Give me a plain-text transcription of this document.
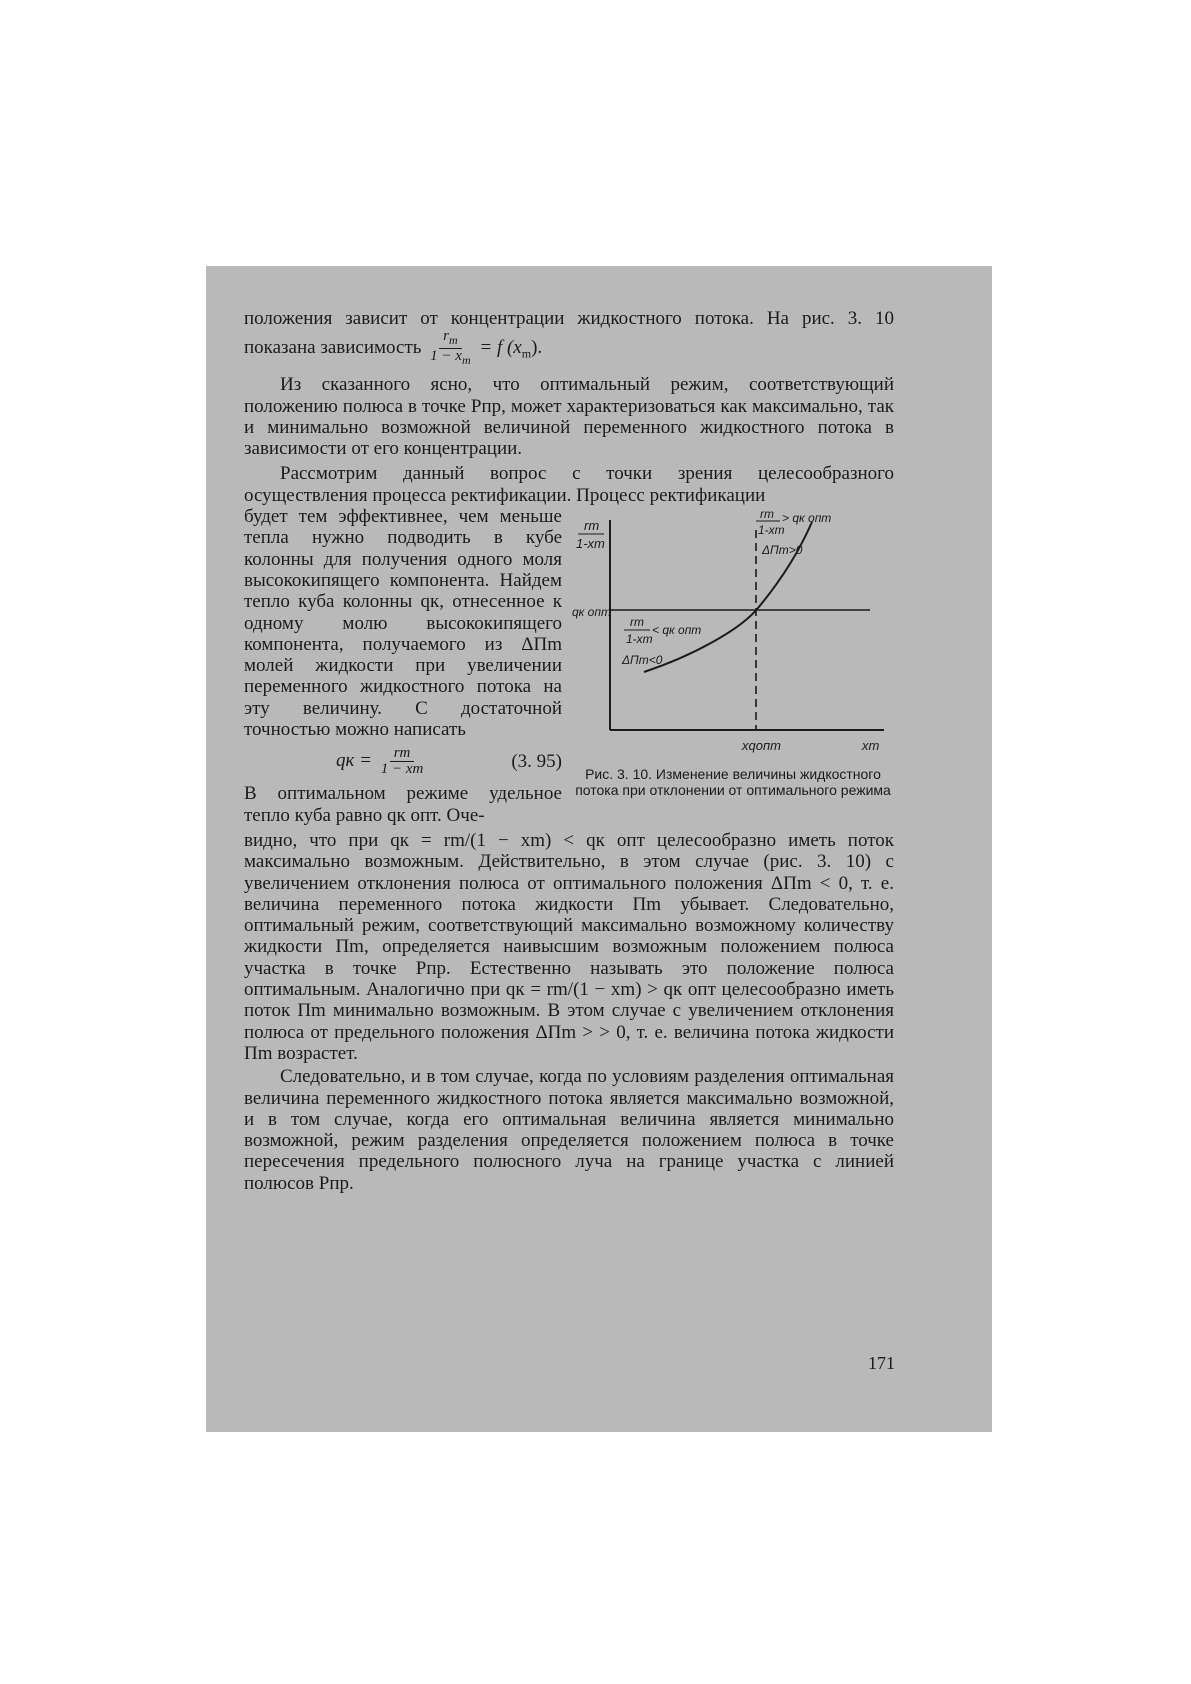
положения зависит от концентрации жидкостного потока. На рис. 3. 10 показана зависимость $\frac{r_m}{1 - x_m} = f$ $(x_m)$.

Из сказанного ясно, что оптимальный режим, соответствующий положению полюса в точке Pпр, может характеризоваться как максимально, так и минимально возможной величиной переменного жидкостного потока в зависимости от его концентрации.

Рассмотрим данный вопрос с точки зрения целесообразного осуществления процесса ректификации. Процесс ректификации

rm
1-xm
qк опт
rm
1-xm
> qк опт
ΔПm>0
rm
1-xm
< qк опт
ΔПm<0
xqопт	xm
Рис. 3. 10. Изменение величины жидкостного потока при отклонении от оптимального режима

будет тем эффективнее, чем меньше тепла нужно подводить в кубе колонны для получения одного моля высококипящего компонента. Найдем тепло куба колонны qк, отнесенное к одному молю высококипящего компонента, получаемого из ΔПm молей жидкости при увеличении переменного жидкостного потока на эту величину. С достаточной точностью можно написать

qк = $\frac{rm}{1 - xm}$	(3. 95)

В оптимальном режиме удельное тепло куба равно qк опт. Оче-

видно, что при qк = rm/(1 − xm) < qк опт целесообразно иметь поток максимально возможным. Действительно, в этом случае (рис. 3. 10) с увеличением отклонения полюса от оптимального положения ΔПm < 0, т. е. величина переменного потока жидкости Пm убывает. Следовательно, оптимальный режим, соответствующий максимально возможному количеству жидкости Пm, определяется наивысшим возможным положением полюса участка в точке Pпр. Естественно называть это положение полюса оптимальным. Аналогично при qк = rm/(1 − xm) > qк опт целесообразно иметь поток Пm минимально возможным. В этом случае с увеличением отклонения полюса от предельного положения ΔПm > > 0, т. е. величина потока жидкости Пm возрастет.

Следовательно, и в том случае, когда по условиям разделения оптимальная величина переменного жидкостного потока является максимально возможной, и в том случае, когда его оптимальная величина является минимально возможной, режим разделения определяется положением полюса в точке пересечения предельного полюсного луча на границе участка с линией полюсов Pпр.

171
